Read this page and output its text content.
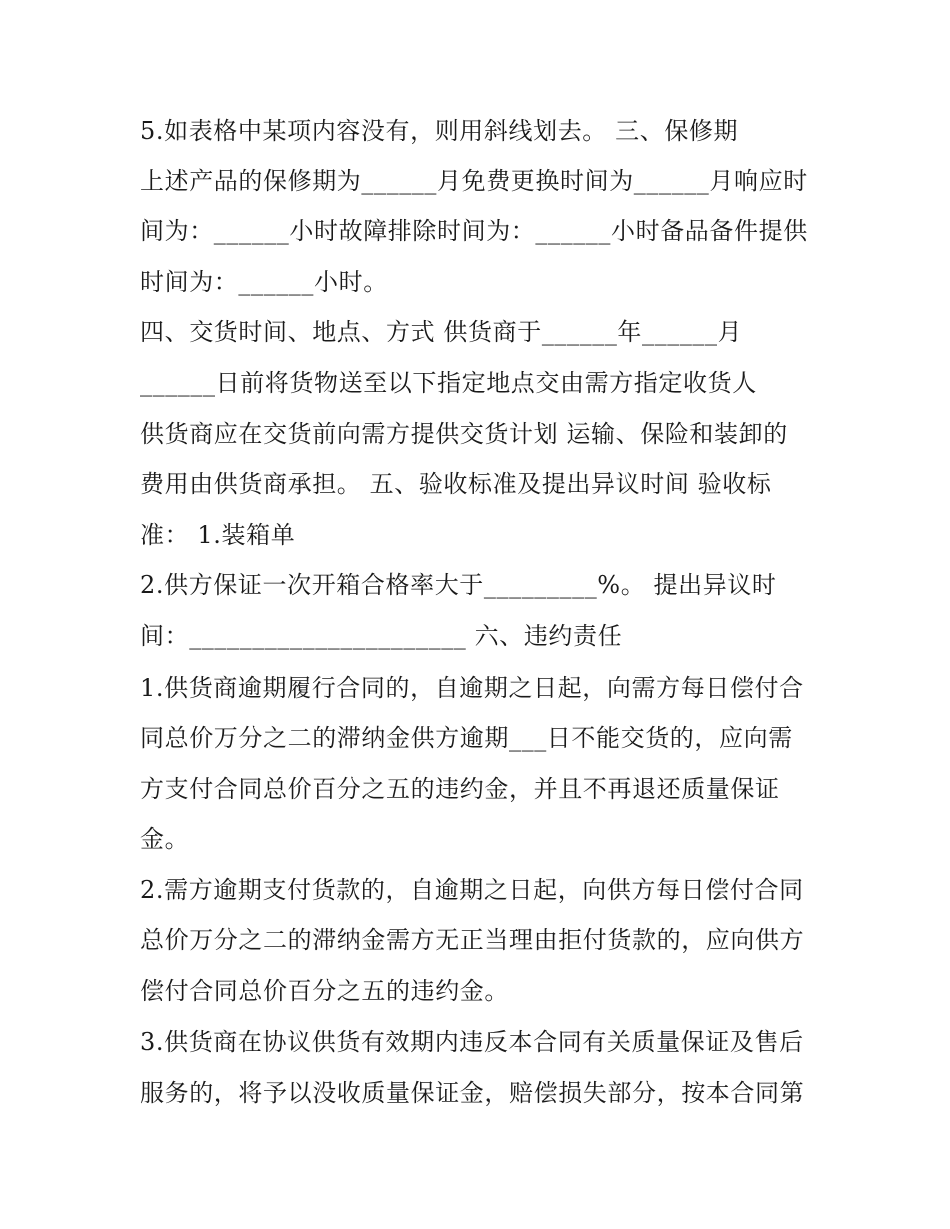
5.如表格中某项内容没有，则用斜线划去。 三、保修期
上述产品的保修期为______月免费更换时间为______月响应时
间为：______小时故障排除时间为：______小时备品备件提供
时间为：______小时。
四、交货时间、地点、方式 供货商于______年______月
______日前将货物送至以下指定地点交由需方指定收货人
供货商应在交货前向需方提供交货计划 运输、保险和装卸的
费用由供货商承担。 五、验收标准及提出异议时间 验收标
准： 1.装箱单
2.供方保证一次开箱合格率大于_________%。 提出异议时
间：______________________ 六、违约责任
1.供货商逾期履行合同的，自逾期之日起，向需方每日偿付合
同总价万分之二的滞纳金供方逾期___日不能交货的，应向需
方支付合同总价百分之五的违约金，并且不再退还质量保证
金。
2.需方逾期支付货款的，自逾期之日起，向供方每日偿付合同
总价万分之二的滞纳金需方无正当理由拒付货款的，应向供方
偿付合同总价百分之五的违约金。
3.供货商在协议供货有效期内违反本合同有关质量保证及售后
服务的，将予以没收质量保证金，赔偿损失部分，按本合同第
